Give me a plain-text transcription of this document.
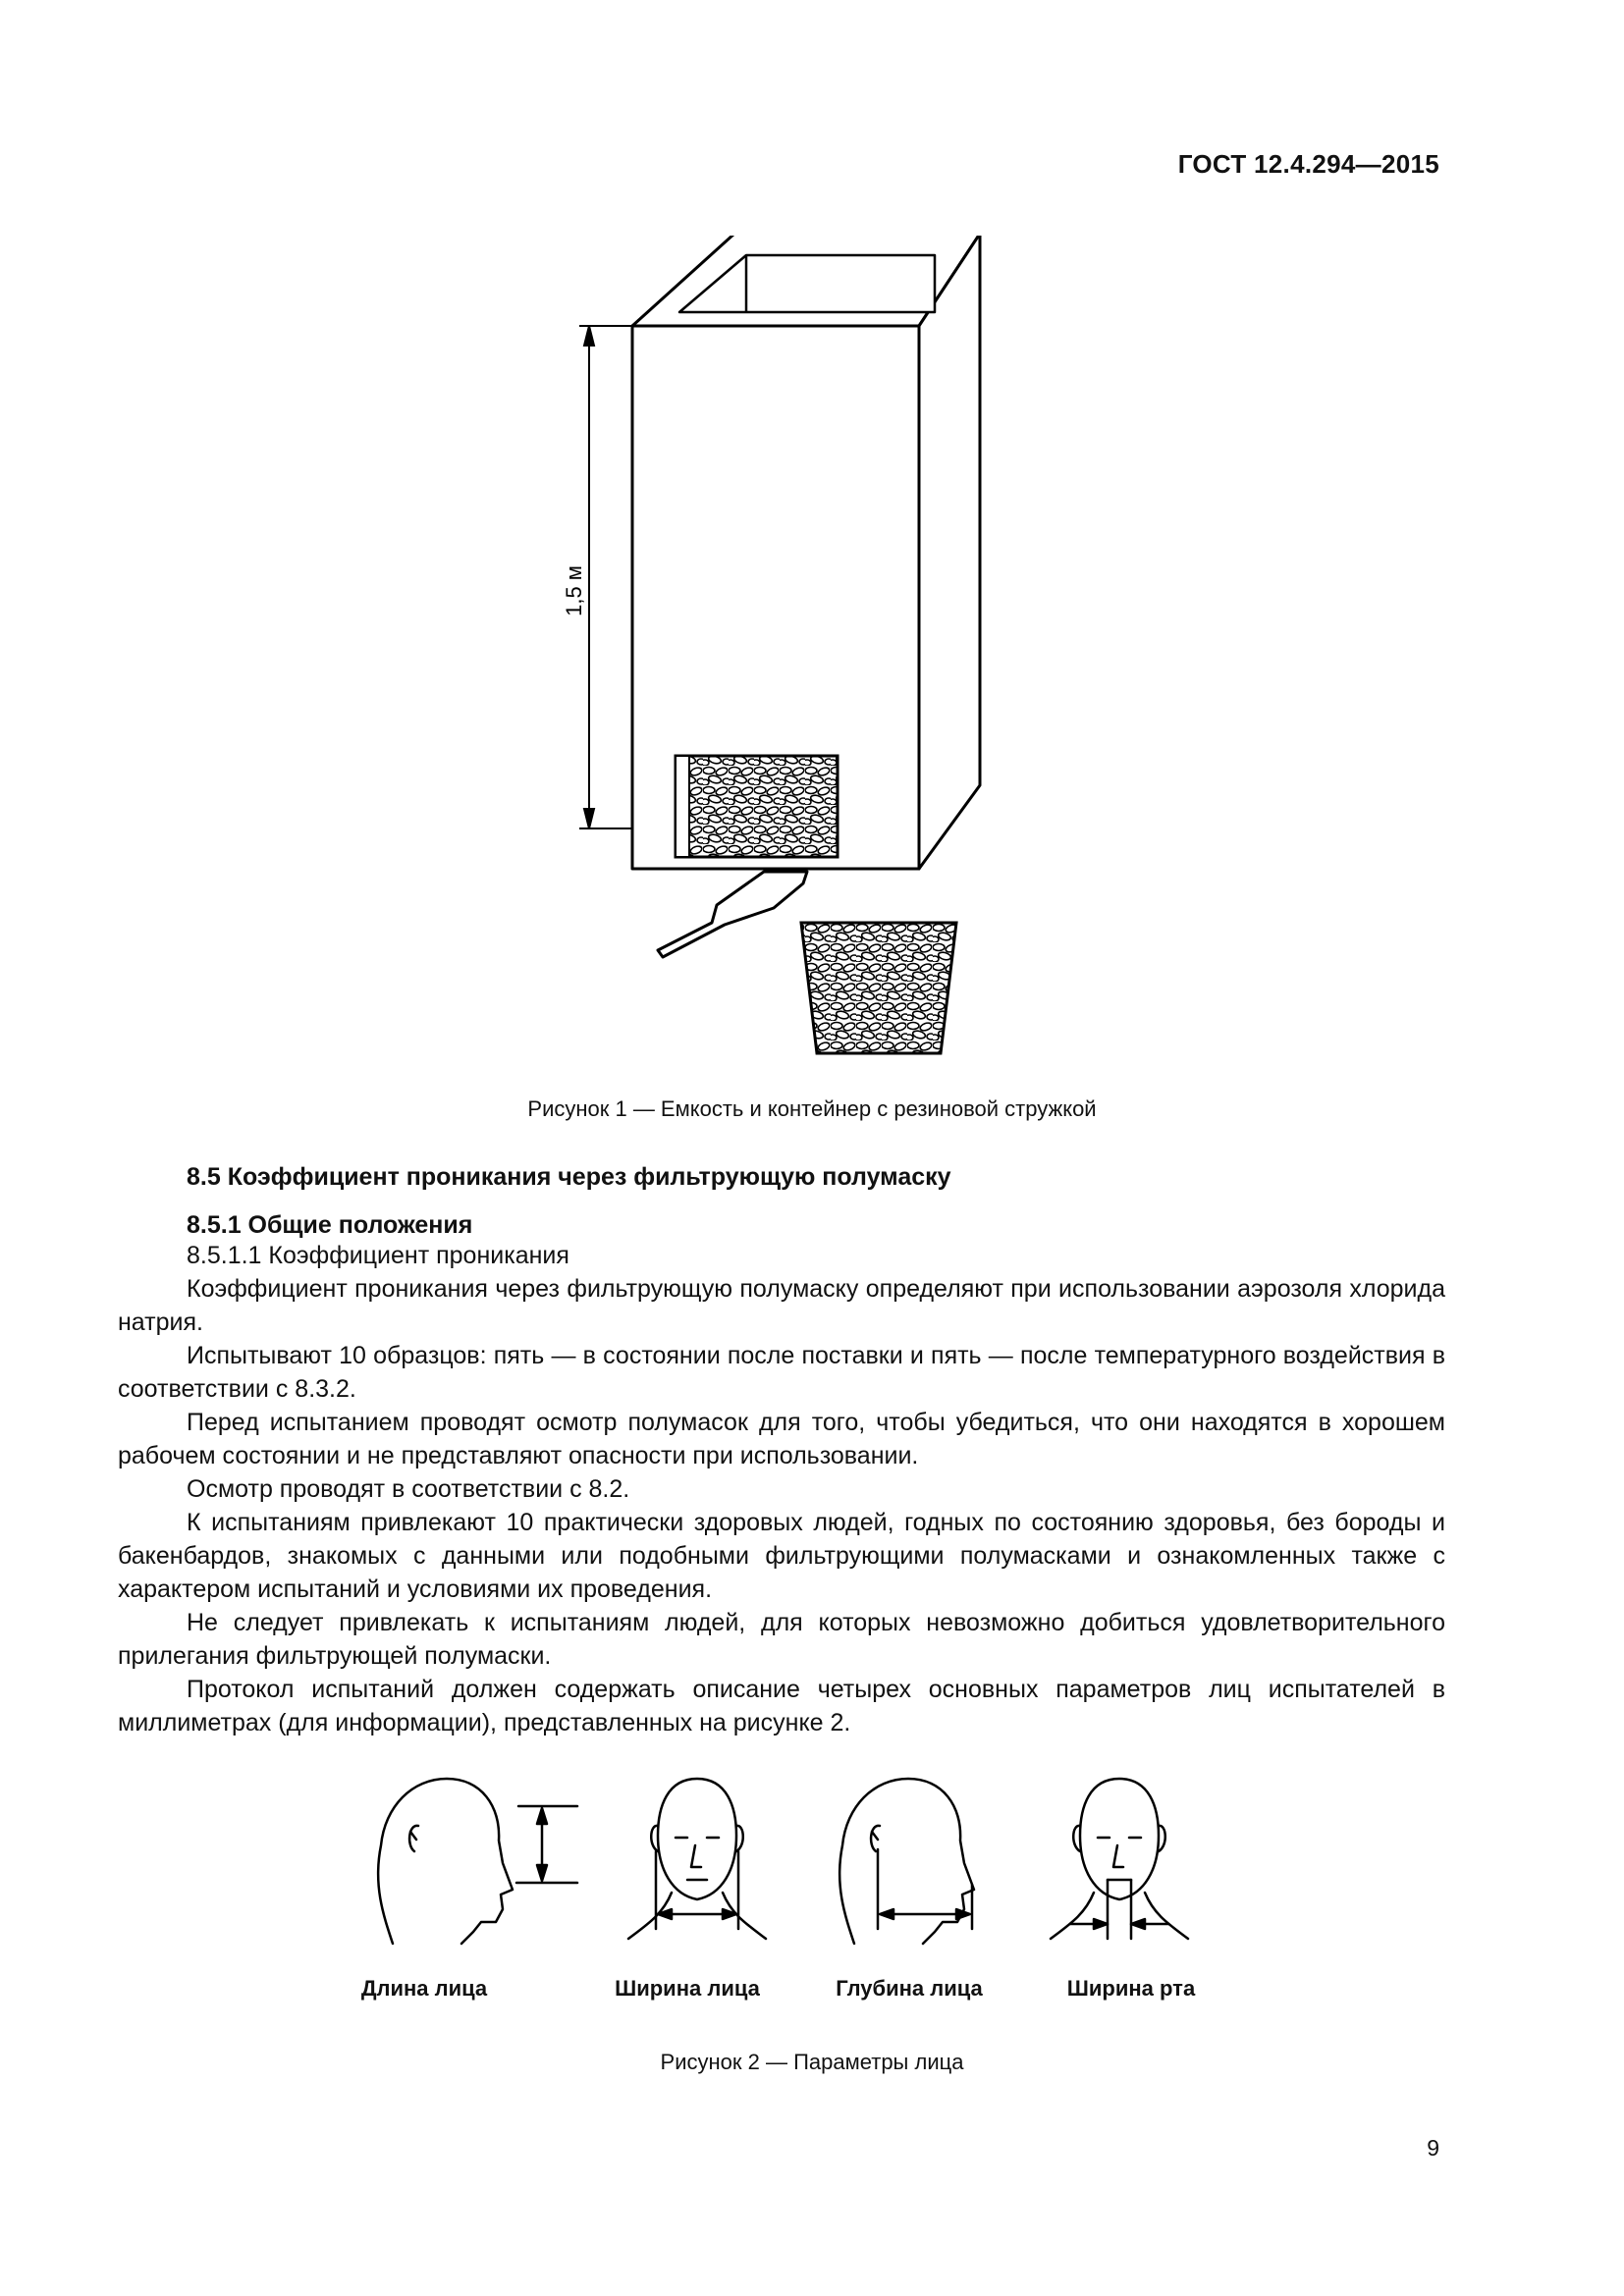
ГОСТ 12.4.294—2015
1,5 м
Рисунок 1 — Емкость и контейнер с резиновой стружкой
8.5 Коэффициент проникания через фильтрующую полумаску
8.5.1 Общие положения

8.5.1.1 Коэффициент проникания

Коэффициент проникания через фильтрующую полумаску определяют при использовании аэрозоля хлорида натрия.

Испытывают 10 образцов: пять — в состоянии после поставки и пять — после температурного воздействия в соответствии с 8.3.2.

Перед испытанием проводят осмотр полумасок для того, чтобы убедиться, что они находятся в хорошем рабочем состоянии и не представляют опасности при использовании.

Осмотр проводят в соответствии с 8.2.

К испытаниям привлекают 10 практически здоровых людей, годных по состоянию здоровья, без бороды и бакенбардов, знакомых с данными или подобными фильтрующими полумасками и ознакомленных также с характером испытаний и условиями их проведения.

Не следует привлекать к испытаниям людей, для которых невозможно добиться удовлетворительного прилегания фильтрующей полумаски.

Протокол испытаний должен содержать описание четырех основных параметров лиц испытателей в миллиметрах (для информации), представленных на рисунке 2.

Длина лица	Ширина лица	Глубина лица	Ширина рта
Рисунок 2 — Параметры лица
9
